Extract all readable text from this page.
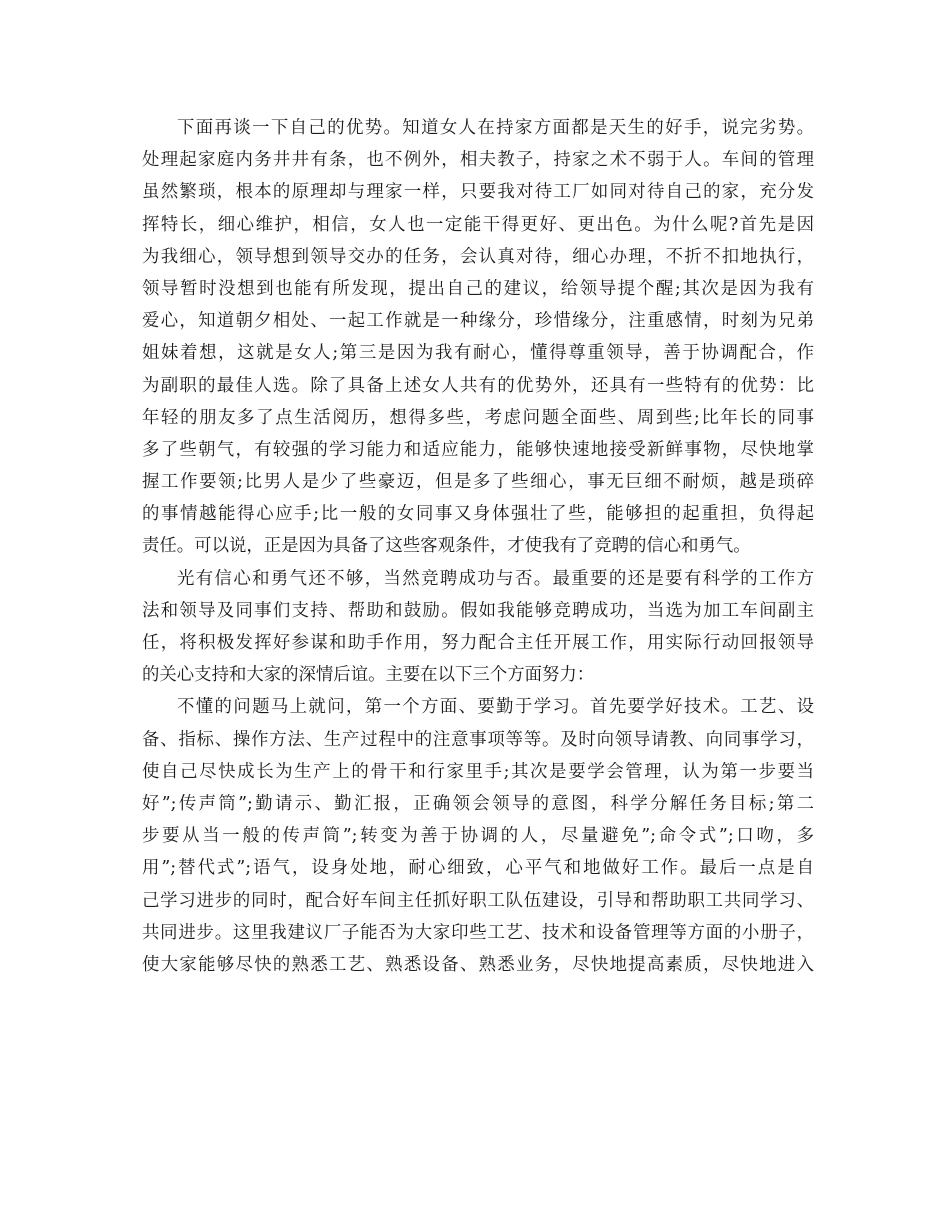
下面再谈一下自己的优势。知道女人在持家方面都是天生的好手，说完劣势。
处理起家庭内务井井有条，也不例外，相夫教子，持家之术不弱于人。车间的管理
虽然繁琐，根本的原理却与理家一样，只要我对待工厂如同对待自己的家，充分发
挥特长，细心维护，相信，女人也一定能干得更好、更出色。为什么呢?首先是因
为我细心，领导想到领导交办的任务，会认真对待，细心办理，不折不扣地执行，
领导暂时没想到也能有所发现，提出自己的建议，给领导提个醒;其次是因为我有
爱心，知道朝夕相处、一起工作就是一种缘分，珍惜缘分，注重感情，时刻为兄弟
姐妹着想，这就是女人;第三是因为我有耐心，懂得尊重领导，善于协调配合，作
为副职的最佳人选。除了具备上述女人共有的优势外，还具有一些特有的优势：比
年轻的朋友多了点生活阅历，想得多些，考虑问题全面些、周到些;比年长的同事
多了些朝气，有较强的学习能力和适应能力，能够快速地接受新鲜事物，尽快地掌
握工作要领;比男人是少了些豪迈，但是多了些细心，事无巨细不耐烦，越是琐碎
的事情越能得心应手;比一般的女同事又身体强壮了些，能够担的起重担，负得起
责任。可以说，正是因为具备了这些客观条件，才使我有了竞聘的信心和勇气。
光有信心和勇气还不够，当然竞聘成功与否。最重要的还是要有科学的工作方
法和领导及同事们支持、帮助和鼓励。假如我能够竞聘成功，当选为加工车间副主
任，将积极发挥好参谋和助手作用，努力配合主任开展工作，用实际行动回报领导
的关心支持和大家的深情后谊。主要在以下三个方面努力：
不懂的问题马上就问，第一个方面、要勤于学习。首先要学好技术。工艺、设
备、指标、操作方法、生产过程中的注意事项等等。及时向领导请教、向同事学习，
使自己尽快成长为生产上的骨干和行家里手;其次是要学会管理，认为第一步要当
好”;传声筒”;勤请示、勤汇报，正确领会领导的意图，科学分解任务目标;第二
步要从当一般的传声筒”;转变为善于协调的人，尽量避免”;命令式”;口吻，多
用”;替代式”;语气，设身处地，耐心细致，心平气和地做好工作。最后一点是自
己学习进步的同时，配合好车间主任抓好职工队伍建设，引导和帮助职工共同学习、
共同进步。这里我建议厂子能否为大家印些工艺、技术和设备管理等方面的小册子，
使大家能够尽快的熟悉工艺、熟悉设备、熟悉业务，尽快地提高素质，尽快地进入
